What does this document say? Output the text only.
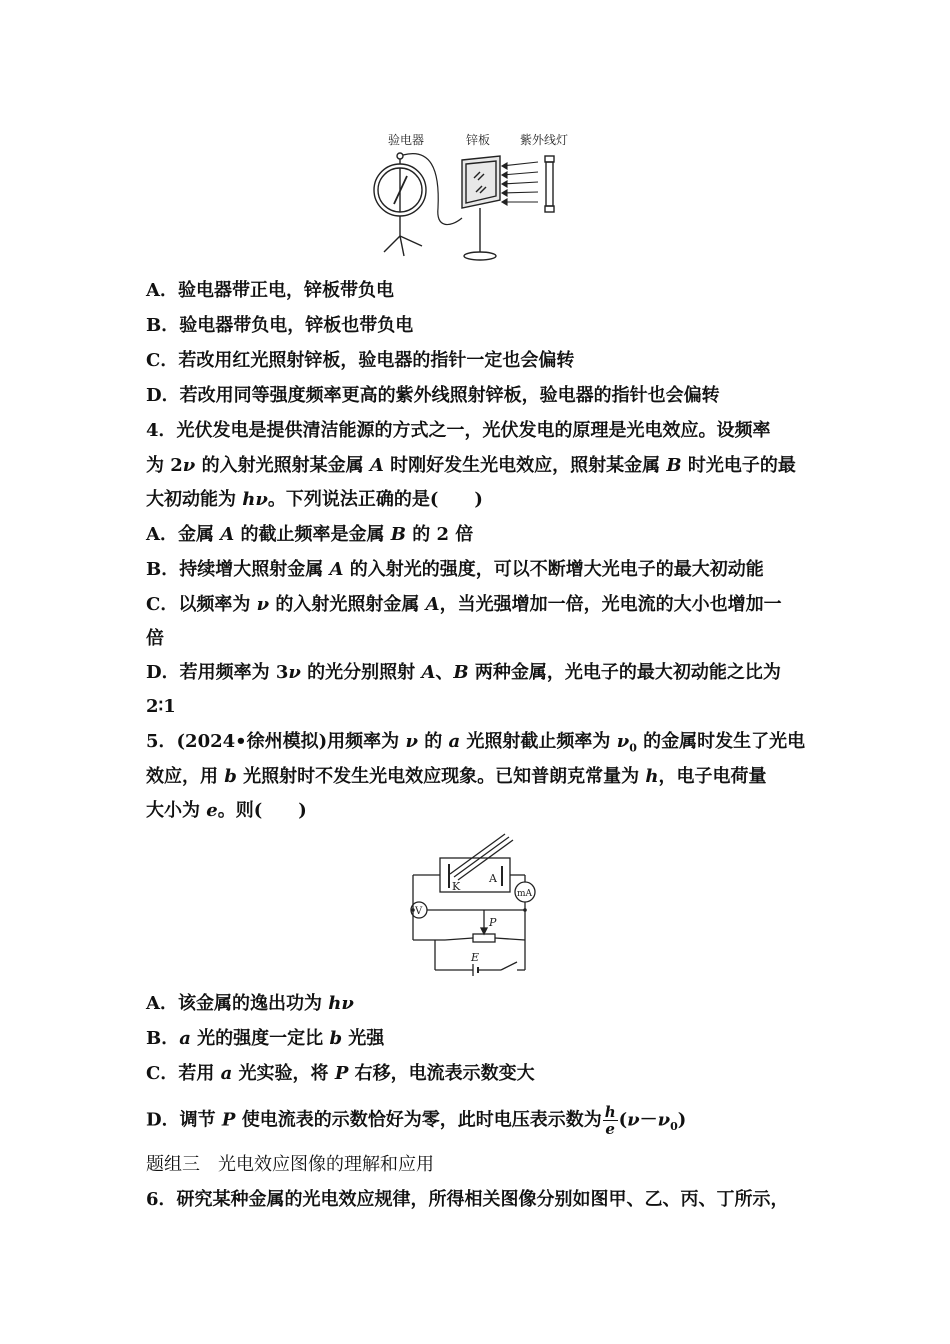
验电器	锌板 紫外线灯
A．验电器带正电，锌板带负电
B．验电器带负电，锌板也带负电
C．若改用红光照射锌板，验电器的指针一定也会偏转
D．若改用同等强度频率更高的紫外线照射锌板，验电器的指针也会偏转
4．光伏发电是提供清洁能源的方式之一，光伏发电的原理是光电效应。设频率
为 2ν 的入射光照射某金属 A 时刚好发生光电效应，照射某金属 B 时光电子的最
大初动能为 hν。下列说法正确的是(　　)
A．金属 A 的截止频率是金属 B 的 2 倍
B．持续增大照射金属 A 的入射光的强度，可以不断增大光电子的最大初动能
C．以频率为 ν 的入射光照射金属 A，当光强增加一倍，光电流的大小也增加一
倍
D．若用频率为 3ν 的光分别照射 A、B 两种金属，光电子的最大初动能之比为
2∶1
5．(2024•徐州模拟)用频率为 ν 的 a 光照射截止频率为 $\nu_0$ 的金属时发生了光电
效应，用 b 光照射时不发生光电效应现象。已知普朗克常量为 h，电子电荷量
大小为 e。则(　　)
K
A
mA
V
P
E
A．该金属的逸出功为 hν
B．a 光的强度一定比 b 光强
C．若用 a 光实验，将 P 右移，电流表示数变大
D．调节 P 使电流表的示数恰好为零，此时电压表示数为 $\frac{h}{e} (\nu-\nu_0)$
题组三　光电效应图像的理解和应用
6．研究某种金属的光电效应规律，所得相关图像分别如图甲、乙、丙、丁所示，
